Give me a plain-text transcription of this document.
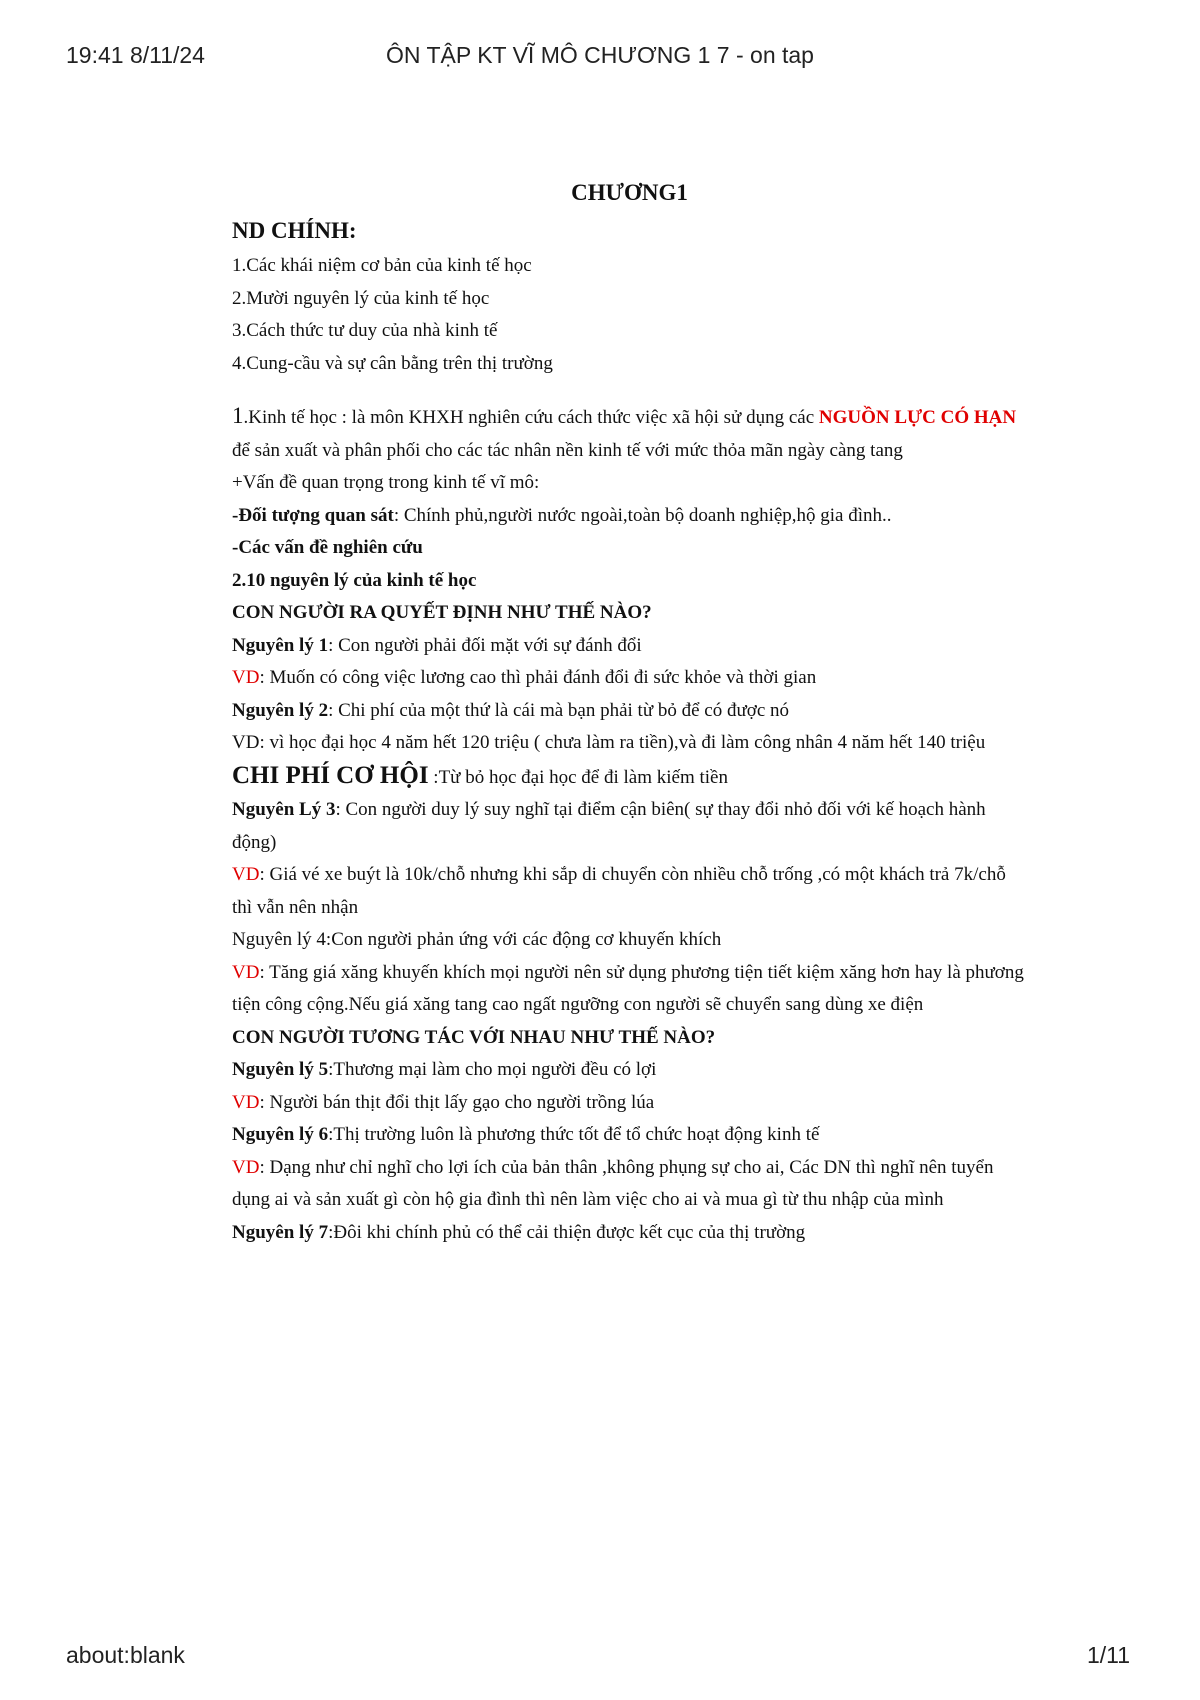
19:41 8/11/24	ÔN TẬP KT VĨ MÔ CHƯƠNG 1 7 - on tap
CHƯƠNG1
ND CHÍNH:
1.Các khái niệm cơ bản của kinh tế học
2.Mười nguyên lý của kinh tế học
3.Cách thức tư duy của nhà kinh tế
4.Cung-cầu và sự cân bằng trên thị trường
1.Kinh tế học : là môn KHXH nghiên cứu cách thức việc xã hội sử dụng các NGUỒN LỰC CÓ HẠN để sản xuất và phân phối cho các tác nhân nền kinh tế với mức thỏa mãn ngày càng tang
+Vấn đề quan trọng trong kinh tế vĩ mô:
-Đối tượng quan sát: Chính phủ,người nước ngoài,toàn bộ doanh nghiệp,hộ gia đình..
-Các vấn đề nghiên cứu
2.10 nguyên lý của kinh tế học
CON NGƯỜI RA QUYẾT ĐỊNH NHƯ THẾ NÀO?
Nguyên lý 1: Con người phải đối mặt với sự đánh đổi
VD: Muốn có công việc lương cao thì phải đánh đổi đi sức khỏe và thời gian
Nguyên lý 2: Chi phí của một thứ là cái mà bạn phải từ bỏ để có được nó
VD: vì học đại học 4 năm hết 120 triệu ( chưa làm ra tiền),và đi làm công nhân 4 năm hết 140 triệu
CHI PHÍ CƠ HỘI :Từ bỏ học đại học để đi làm kiếm tiền
Nguyên Lý 3: Con người duy lý suy nghĩ tại điểm cận biên( sự thay đổi nhỏ đối với kế hoạch hành động)
VD: Giá vé xe buýt là 10k/chỗ nhưng khi sắp di chuyển còn nhiều chỗ trống ,có một khách trả 7k/chỗ thì vẫn nên nhận
Nguyên lý 4:Con người phản ứng với các động cơ khuyến khích
VD: Tăng giá xăng khuyến khích mọi người nên sử dụng phương tiện tiết kiệm xăng hơn hay là phương tiện công cộng.Nếu giá xăng tang cao ngất ngưỡng con người sẽ chuyển sang dùng xe điện
CON NGƯỜI TƯƠNG TÁC VỚI NHAU NHƯ THẾ NÀO?
Nguyên lý 5:Thương mại làm cho mọi người đều có lợi
VD: Người bán thịt đổi thịt lấy gạo cho người trồng lúa
Nguyên lý 6:Thị trường luôn là phương thức tốt để tổ chức hoạt động kinh tế
VD: Dạng như chỉ nghĩ cho lợi ích của bản thân ,không phụng sự cho ai, Các DN thì nghĩ nên tuyển dụng ai và sản xuất gì còn hộ gia đình thì nên làm việc cho ai và mua gì từ thu nhập của mình
Nguyên lý 7:Đôi khi chính phủ có thể cải thiện được kết cục của thị trường
about:blank	1/11
